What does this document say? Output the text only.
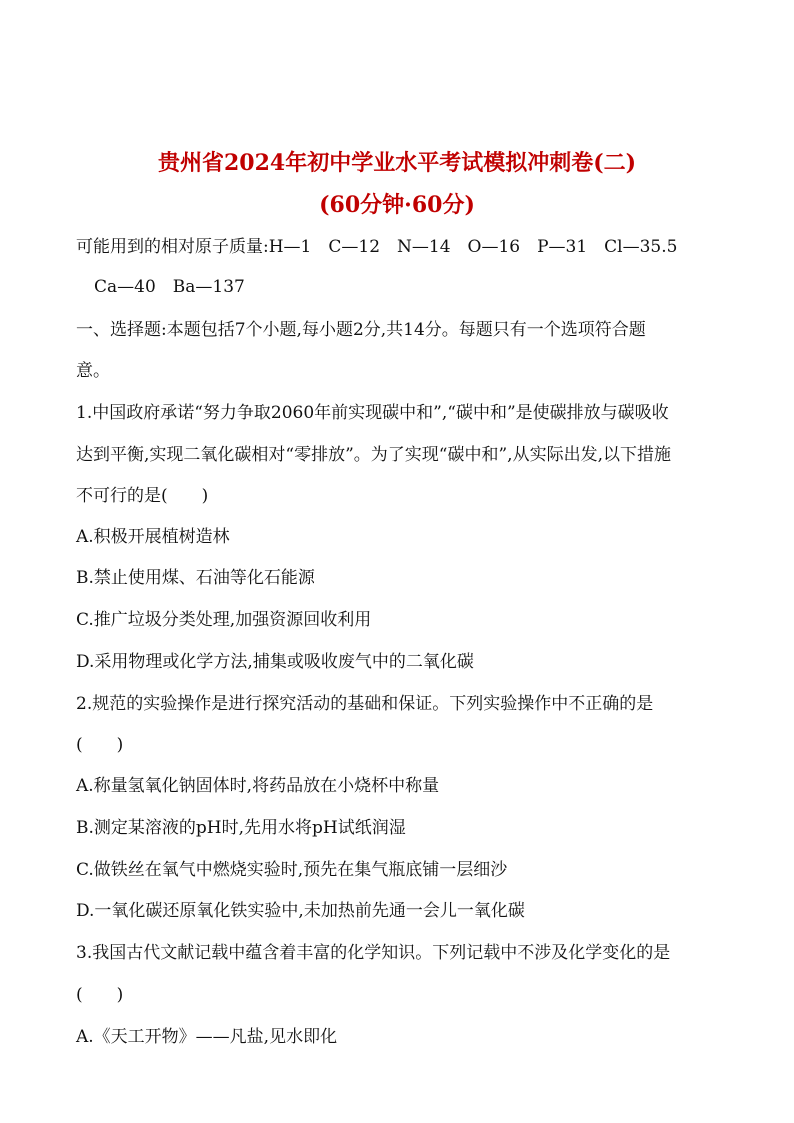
贵州省2024年初中学业水平考试模拟冲刺卷(二)
(60分钟·60分)
可能用到的相对原子质量:H—1　C—12　N—14　O—16　P—31　Cl—35.5
Ca—40　Ba—137
一、选择题:本题包括7个小题,每小题2分,共14分。每题只有一个选项符合题
意。
1.中国政府承诺“努力争取2060年前实现碳中和”,“碳中和”是使碳排放与碳吸收
达到平衡,实现二氧化碳相对“零排放”。为了实现“碳中和”,从实际出发,以下措施
不可行的是(　　)
A.积极开展植树造林
B.禁止使用煤、石油等化石能源
C.推广垃圾分类处理,加强资源回收利用
D.采用物理或化学方法,捕集或吸收废气中的二氧化碳
2.规范的实验操作是进行探究活动的基础和保证。下列实验操作中不正确的是
(　　)
A.称量氢氧化钠固体时,将药品放在小烧杯中称量
B.测定某溶液的pH时,先用水将pH试纸润湿
C.做铁丝在氧气中燃烧实验时,预先在集气瓶底铺一层细沙
D.一氧化碳还原氧化铁实验中,未加热前先通一会儿一氧化碳
3.我国古代文献记载中蕴含着丰富的化学知识。下列记载中不涉及化学变化的是
(　　)
A.《天工开物》——凡盐,见水即化
